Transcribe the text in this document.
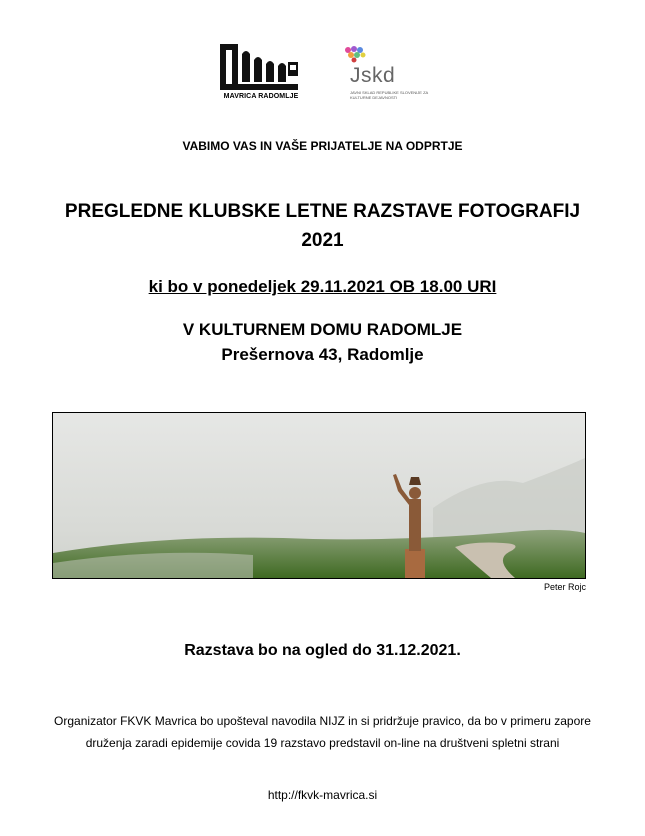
MAVRICA RADOMLJE
Jskd
JAVNI SKLAD REPUBLIKE SLOVENIJE ZA KULTURNE DEJAVNOSTI
VABIMO VAS IN VAŠE PRIJATELJE NA ODPRTJE
PREGLEDNE KLUBSKE LETNE RAZSTAVE FOTOGRAFIJ
2021
ki bo v ponedeljek 29.11.2021 OB 18.00 URI
V KULTURNEM DOMU RADOMLJE
Prešernova 43, Radomlje
Peter Rojc
Razstava bo na ogled do 31.12.2021.
Organizator FKVK Mavrica bo upošteval navodila NIJZ in si pridržuje pravico, da bo v primeru zapore druženja zaradi epidemije covida 19 razstavo predstavil on-line na društveni spletni strani
http://fkvk-mavrica.si
